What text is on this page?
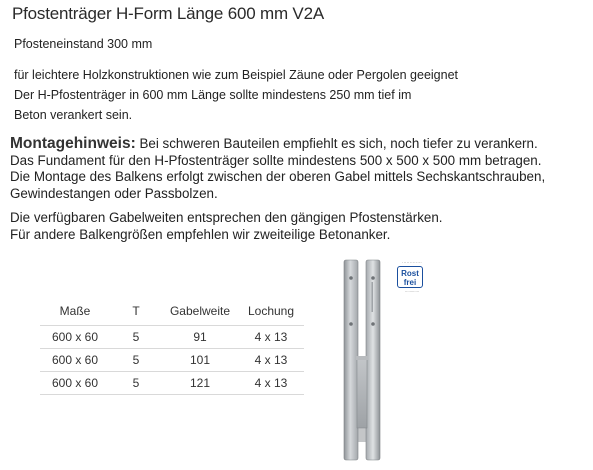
Pfostenträger H-Form Länge 600 mm V2A
Pfosteneinstand 300 mm

für leichtere Holzkonstruktionen wie zum Beispiel Zäune oder Pergolen geeignet

Der H-Pfostenträger in 600 mm Länge sollte mindestens 250 mm tief im

Beton verankert sein.

Montagehinweis: Bei schweren Bauteilen empfiehlt es sich, noch tiefer zu verankern.

Das Fundament für den H-Pfostenträger sollte mindestens 500 x 500 x 500 mm betragen.

Die Montage des Balkens erfolgt zwischen der oberen Gabel mittels Sechskantschrauben,

Gewindestangen oder Passbolzen.

Die verfügbaren Gabelweiten entsprechen den gängigen Pfostenstärken.

Für andere Balkengrößen empfehlen wir zweiteilige Betonanker.

Maße	T	Gabelweite	Lochung
600 x 60	5	91	4 x 13
600 x 60	5	101	4 x 13
600 x 60	5	121	4 x 13
·············
Rost
frei
············
